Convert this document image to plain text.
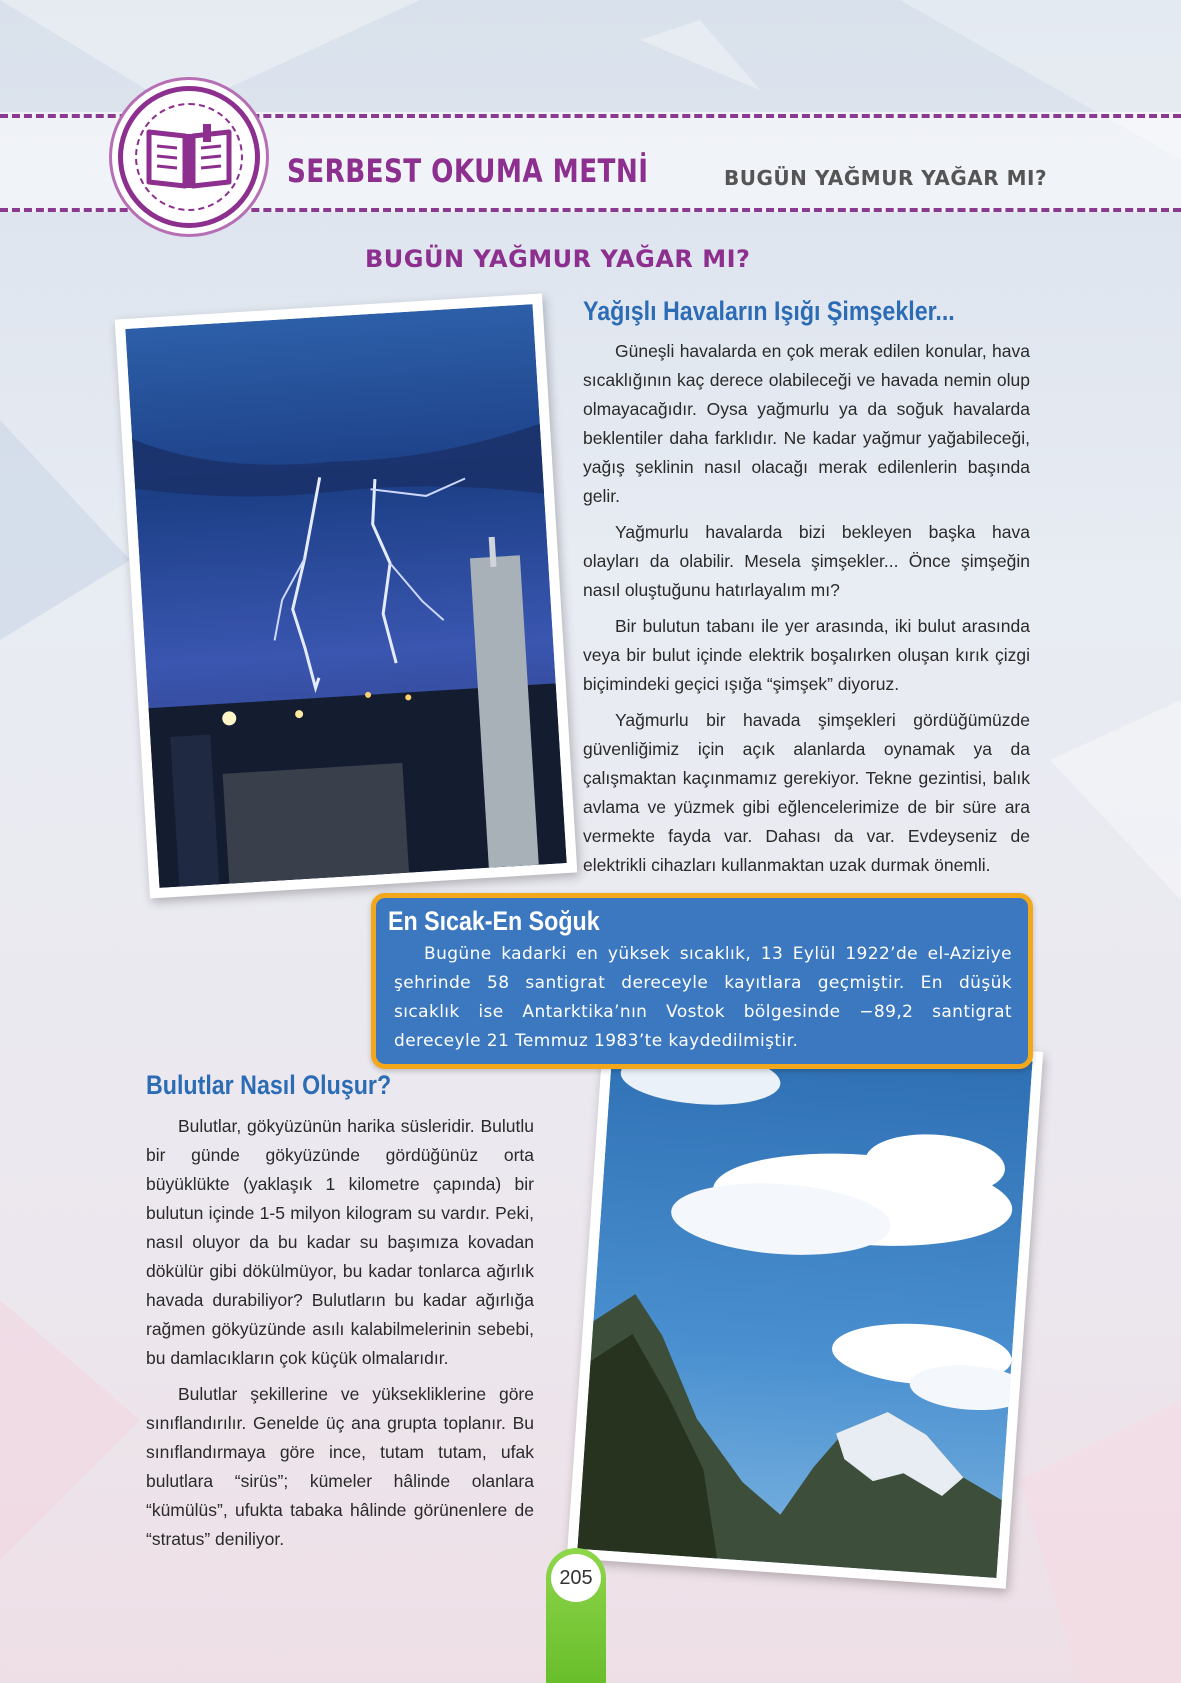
SERBEST OKUMA METNİ	BUGÜN YAĞMUR YAĞAR MI?
BUGÜN YAĞMUR YAĞAR MI?
Yağışlı Havaların Işığı Şimşekler...

Güneşli havalarda en çok merak edilen konular, hava sıcaklığının kaç derece olabileceği ve havada nemin olup olmayacağıdır. Oysa yağmurlu ya da soğuk havalarda beklentiler daha farklıdır. Ne kadar yağmur yağabileceği, yağış şeklinin nasıl olacağı merak edilenlerin başında gelir.

Yağmurlu havalarda bizi bekleyen başka hava olayları da olabilir. Mesela şimşekler... Önce şimşeğin nasıl oluştuğunu hatırlayalım mı?

Bir bulutun tabanı ile yer arasında, iki bulut arasında veya bir bulut içinde elektrik boşalırken oluşan kırık çizgi biçimindeki geçici ışığa “şimşek” diyoruz.

Yağmurlu bir havada şimşekleri gördüğümüzde güvenliğimiz için açık alanlarda oynamak ya da çalışmaktan kaçınmamız gerekiyor. Tekne gezintisi, balık avlama ve yüzmek gibi eğlencelerimize de bir süre ara vermekte fayda var. Dahası da var. Evdeyseniz de elektrikli cihazları kullanmaktan uzak durmak önemli.

En Sıcak-En Soğuk
Bugüne kadarki en yüksek sıcaklık, 13 Eylül 1922’de el-Aziziye şehrinde 58 santigrat dereceyle kayıtlara geçmiştir. En düşük sıcaklık ise Antarktika’nın Vostok bölgesinde −89,2 santigrat dereceyle 21 Temmuz 1983’te kaydedilmiştir.
Bulutlar Nasıl Oluşur?

Bulutlar, gökyüzünün harika süsleridir. Bulutlu bir günde gökyüzünde gördüğünüz orta büyüklükte (yaklaşık 1 kilometre çapında) bir bulutun içinde 1-5 milyon kilogram su vardır. Peki, nasıl oluyor da bu kadar su başımıza kovadan dökülür gibi dökülmüyor, bu kadar tonlarca ağırlık havada durabiliyor? Bulutların bu kadar ağırlığa rağmen gökyüzünde asılı kalabilmelerinin sebebi, bu damlacıkların çok küçük olmalarıdır.

Bulutlar şekillerine ve yüksekliklerine göre sınıflandırılır. Genelde üç ana grupta toplanır. Bu sınıflandırmaya göre ince, tutam tutam, ufak bulutlara “sirüs”; kümeler hâlinde olanlara “kümülüs”, ufukta tabaka hâlinde görünenlere de “stratus” deniliyor.

205
